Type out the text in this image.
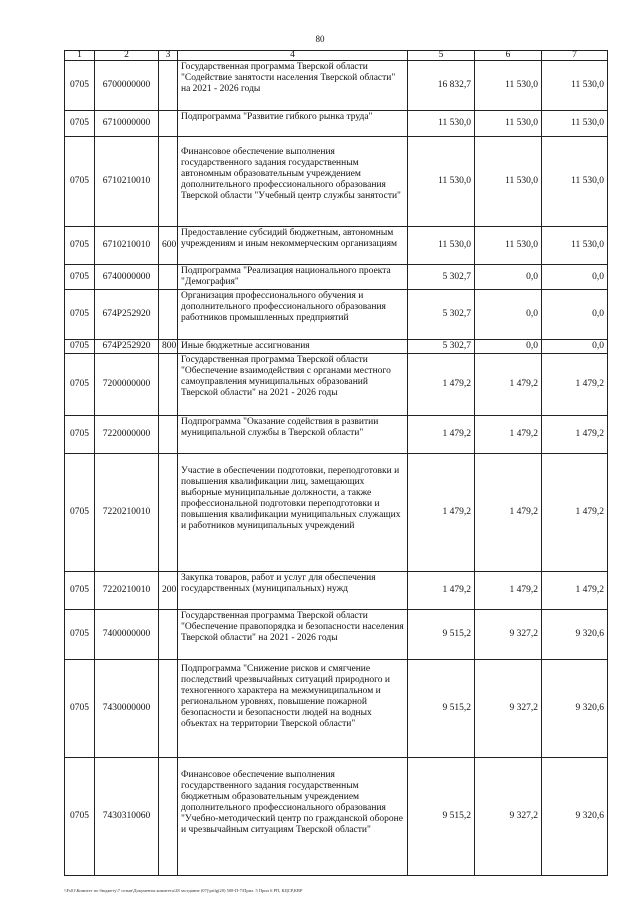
80
1	2	3	4	5	6	7
0705	6700000000		Государственная программа Тверской области "Содействие занятости населения Тверской области" на 2021 - 2026 годы	16 832,7	11 530,0	11 530,0
0705	6710000000		Подпрограмма "Развитие гибкого рынка труда"	11 530,0	11 530,0	11 530,0
0705	6710210010		Финансовое обеспечение выполнения государственного задания государственным автономным образовательным учреждением дополнительного профессионального образования Тверской области "Учебный центр службы занятости"	11 530,0	11 530,0	11 530,0
0705	6710210010	600	Предоставление субсидий бюджетным, автономным учреждениям и иным некоммерческим организациям	11 530,0	11 530,0	11 530,0
0705	6740000000		Подпрограмма "Реализация национального проекта "Демография"	5 302,7	0,0	0,0
0705	674P252920		Организация профессионального обучения и дополнительного профессионального образования работников промышленных предприятий	5 302,7	0,0	0,0
0705	674P252920	800	Иные бюджетные ассигнования	5 302,7	0,0	0,0
0705	7200000000		Государственная программа Тверской области "Обеспечение взаимодействия с органами местного самоуправления муниципальных образований Тверской области" на 2021 - 2026 годы	1 479,2	1 479,2	1 479,2
0705	7220000000		Подпрограмма "Оказание содействия в развитии муниципальной службы в Тверской области"	1 479,2	1 479,2	1 479,2
0705	7220210010		Участие в обеспечении подготовки, переподготовки и повышения квалификации лиц, замещающих выборные муниципальные должности, а также профессиональной подготовки переподготовки и повышения квалификации муниципальных служащих и работников муниципальных учреждений	1 479,2	1 479,2	1 479,2
0705	7220210010	200	Закупка товаров, работ и услуг для обеспечения государственных (муниципальных) нужд	1 479,2	1 479,2	1 479,2
0705	7400000000		Государственная программа Тверской области "Обеспечение правопорядка и безопасности населения Тверской области" на 2021 - 2026 годы	9 515,2	9 327,2	9 320,6
0705	7430000000		Подпрограмма "Снижение рисков и смягчение последствий чрезвычайных ситуаций природного и техногенного характера на межмуниципальном и региональном уровнях, повышение пожарной безопасности и безопасности людей на водных объектах на территории Тверской области"	9 515,2	9 327,2	9 320,6
0705	7430310060		Финансовое обеспечение выполнения государственного задания государственным бюджетным образовательным учреждением дополнительного профессионального образования "Учебно-методический центр по гражданской обороне и чрезвычайным ситуациям Тверской области"	9 515,2	9 327,2	9 320,6
\\Fs01\Комитет по бюджету\7 созыв\Документы комитета\28 заседание (07)\prilg(20) 508-П-7\Прил. 5 Прил 6 РП, КЦСР,КВР
